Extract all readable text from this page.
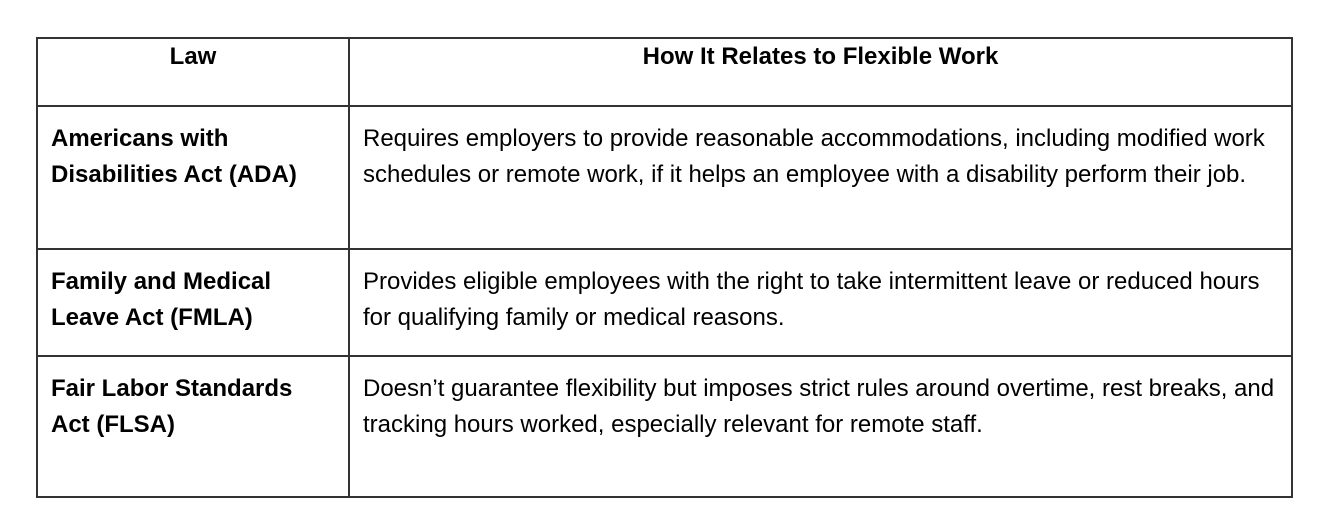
Law	How It Relates to Flexible Work
Americans with Disabilities Act (ADA)	Requires employers to provide reasonable accommodations, including modified work schedules or remote work, if it helps an employee with a disability perform their job.
Family and Medical Leave Act (FMLA)	Provides eligible employees with the right to take intermittent leave or reduced hours for qualifying family or medical reasons.
Fair Labor Standards Act (FLSA)	Doesn’t guarantee flexibility but imposes strict rules around overtime, rest breaks, and tracking hours worked, especially relevant for remote staff.
